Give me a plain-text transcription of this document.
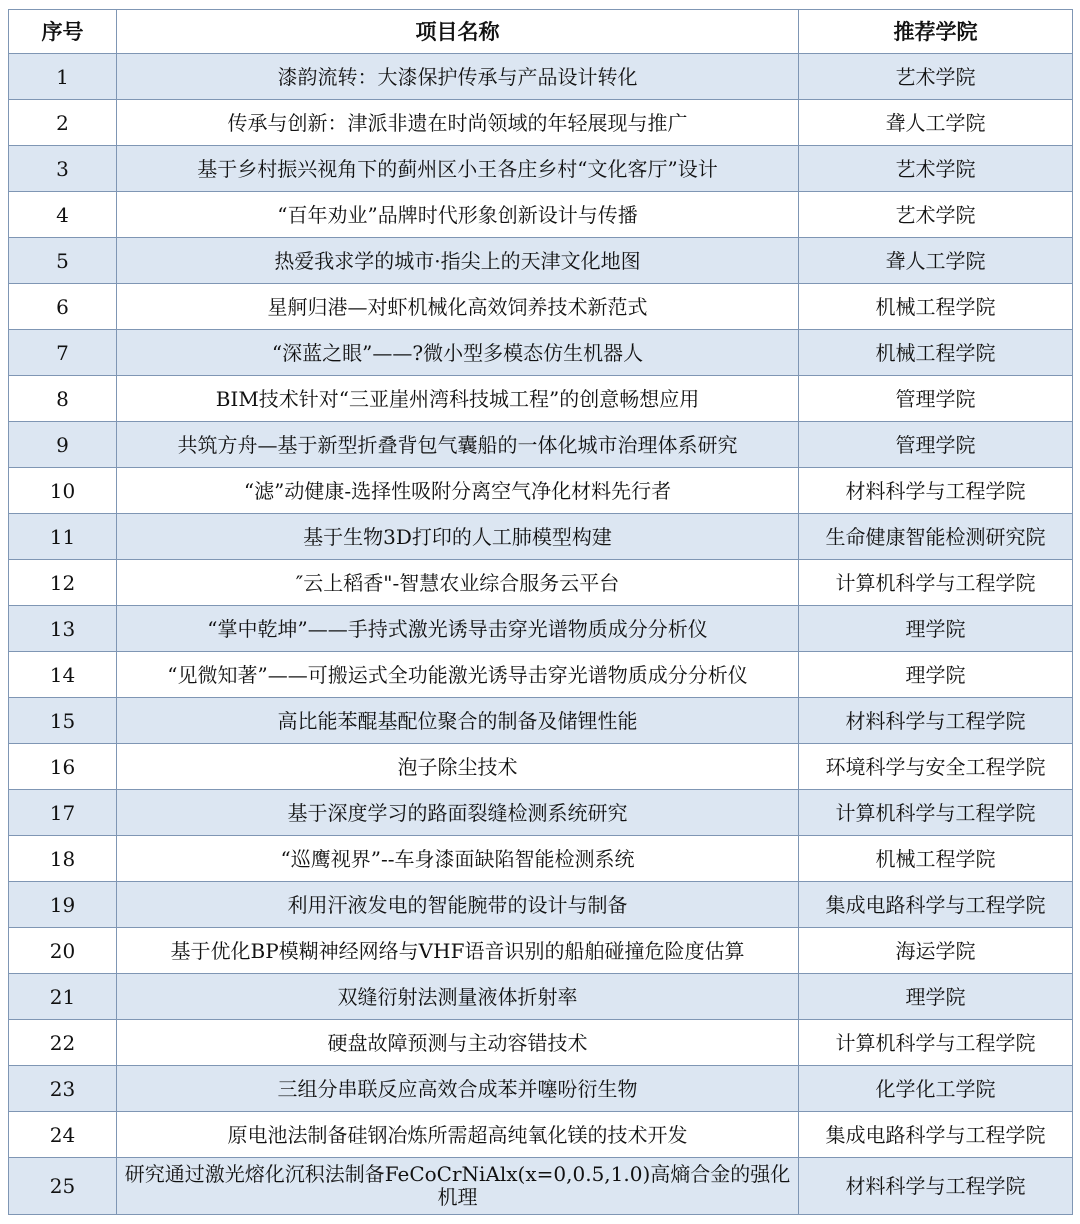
序号	项目名称	推荐学院
1	漆韵流转：大漆保护传承与产品设计转化	艺术学院
2	传承与创新：津派非遗在时尚领域的年轻展现与推广	聋人工学院
3	基于乡村振兴视角下的蓟州区小王各庄乡村“文化客厅”设计	艺术学院
4	“百年劝业”品牌时代形象创新设计与传播	艺术学院
5	热爱我求学的城市·指尖上的天津文化地图	聋人工学院
6	星舸归港—对虾机械化高效饲养技术新范式	机械工程学院
7	“深蓝之眼”——?微小型多模态仿生机器人	机械工程学院
8	BIM技术针对“三亚崖州湾科技城工程”的创意畅想应用	管理学院
9	共筑方舟—基于新型折叠背包气囊船的一体化城市治理体系研究	管理学院
10	“滤”动健康-选择性吸附分离空气净化材料先行者	材料科学与工程学院
11	基于生物3D打印的人工肺模型构建	生命健康智能检测研究院
12	″云上稻香"-智慧农业综合服务云平台	计算机科学与工程学院
13	“掌中乾坤”——手持式激光诱导击穿光谱物质成分分析仪	理学院
14	“见微知著”——可搬运式全功能激光诱导击穿光谱物质成分分析仪	理学院
15	高比能苯醌基配位聚合的制备及储锂性能	材料科学与工程学院
16	泡子除尘技术	环境科学与安全工程学院
17	基于深度学习的路面裂缝检测系统研究	计算机科学与工程学院
18	“巡鹰视界”--车身漆面缺陷智能检测系统	机械工程学院
19	利用汗液发电的智能腕带的设计与制备	集成电路科学与工程学院
20	基于优化BP模糊神经网络与VHF语音识别的船舶碰撞危险度估算	海运学院
21	双缝衍射法测量液体折射率	理学院
22	硬盘故障预测与主动容错技术	计算机科学与工程学院
23	三组分串联反应高效合成苯并噻吩衍生物	化学化工学院
24	原电池法制备硅钢冶炼所需超高纯氧化镁的技术开发	集成电路科学与工程学院
25	研究通过激光熔化沉积法制备FeCoCrNiAlx(x=0,0.5,1.0)高熵合金的强化机理	材料科学与工程学院
